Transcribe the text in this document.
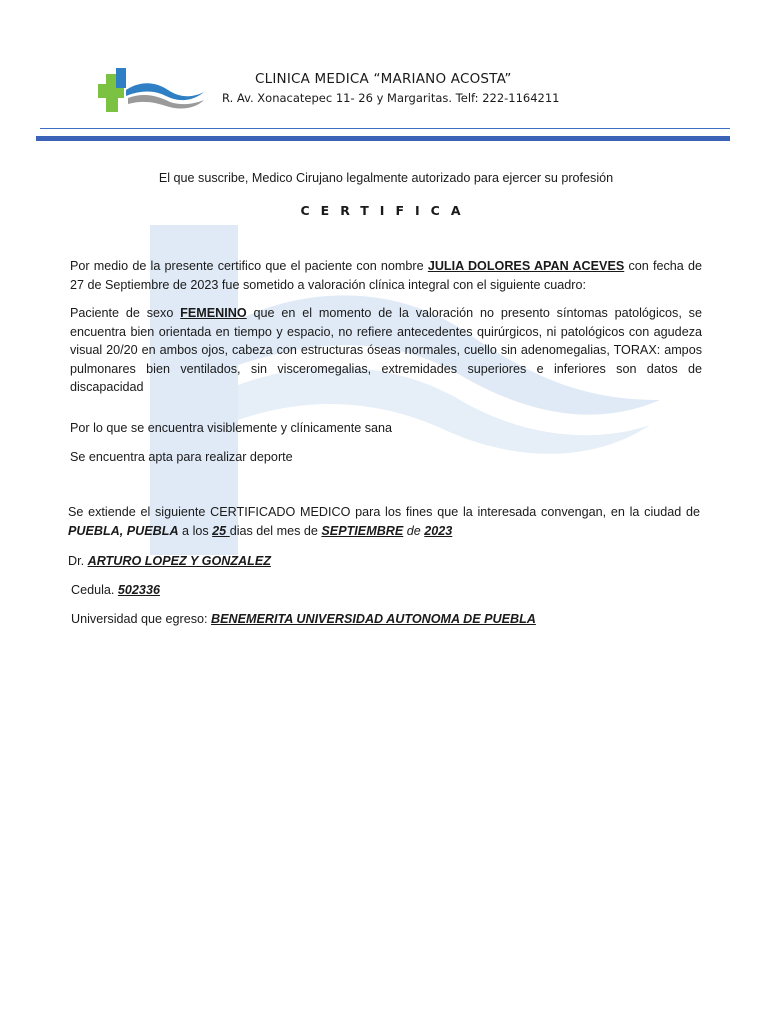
CLINICA MEDICA “MARIANO ACOSTA”
R. Av. Xonacatepec 11- 26 y Margaritas. Telf: 222-1164211
El que suscribe, Medico Cirujano legalmente autorizado para ejercer su profesión
CERTIFICA
Por medio de la presente certifico que el paciente con nombre JULIA DOLORES APAN ACEVES con fecha de 27 de Septiembre de 2023 fue sometido a valoración clínica integral con el siguiente cuadro:
Paciente de sexo FEMENINO que en el momento de la valoración no presento síntomas patológicos, se encuentra bien orientada en tiempo y espacio, no refiere antecedentes quirúrgicos, ni patológicos con agudeza visual 20/20 en ambos ojos, cabeza con estructuras óseas normales, cuello sin adenomegalias, TORAX: ampos pulmonares bien ventilados, sin visceromegalias, extremidades superiores e inferiores son datos de discapacidad
Por lo que se encuentra visiblemente y clínicamente sana
Se encuentra apta para realizar deporte
Se extiende el siguiente CERTIFICADO MEDICO para los fines que la interesada convengan, en la ciudad de PUEBLA, PUEBLA a los 25 dias del mes de SEPTIEMBRE de 2023
Dr. ARTURO LOPEZ Y GONZALEZ
Cedula. 502336
Universidad que egreso: BENEMERITA UNIVERSIDAD AUTONOMA DE PUEBLA
